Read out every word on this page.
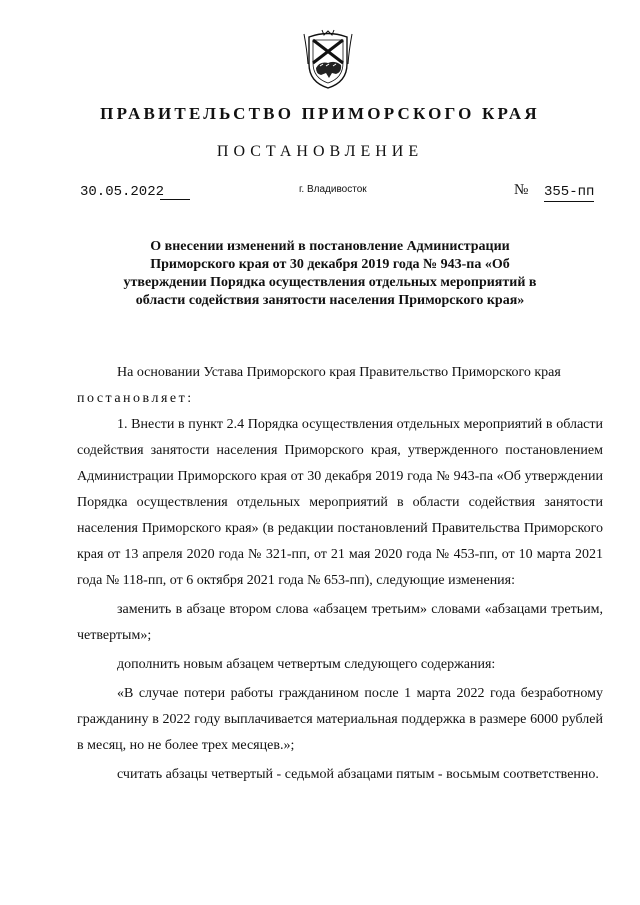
ПРАВИТЕЛЬСТВО ПРИМОРСКОГО КРАЯ
ПОСТАНОВЛЕНИЕ
30.05.2022	г. Владивосток	№ 355-пп
О внесении изменений в постановление Администрации Приморского края от 30 декабря 2019 года № 943-па «Об утверждении Порядка осуществления отдельных мероприятий в области содействия занятости населения Приморского края»

На основании Устава Приморского края Правительство Приморского края

постановляет:

1. Внести в пункт 2.4 Порядка осуществления отдельных мероприятий в области содействия занятости населения Приморского края, утвержденного постановлением Администрации Приморского края от 30 декабря 2019 года № 943-па «Об утверждении Порядка осуществления отдельных мероприятий в области содействия занятости населения Приморского края» (в редакции постановлений Правительства Приморского края от 13 апреля 2020 года № 321-пп, от 21 мая 2020 года № 453-пп, от 10 марта 2021 года № 118-пп, от 6 октября 2021 года № 653-пп), следующие изменения:

заменить в абзаце втором слова «абзацем третьим» словами «абзацами третьим, четвертым»;

дополнить новым абзацем четвертым следующего содержания:

«В случае потери работы гражданином после 1 марта 2022 года безработному гражданину в 2022 году выплачивается материальная поддержка в размере 6000 рублей в месяц, но не более трех месяцев.»;

считать абзацы четвертый - седьмой абзацами пятым - восьмым соответственно.
